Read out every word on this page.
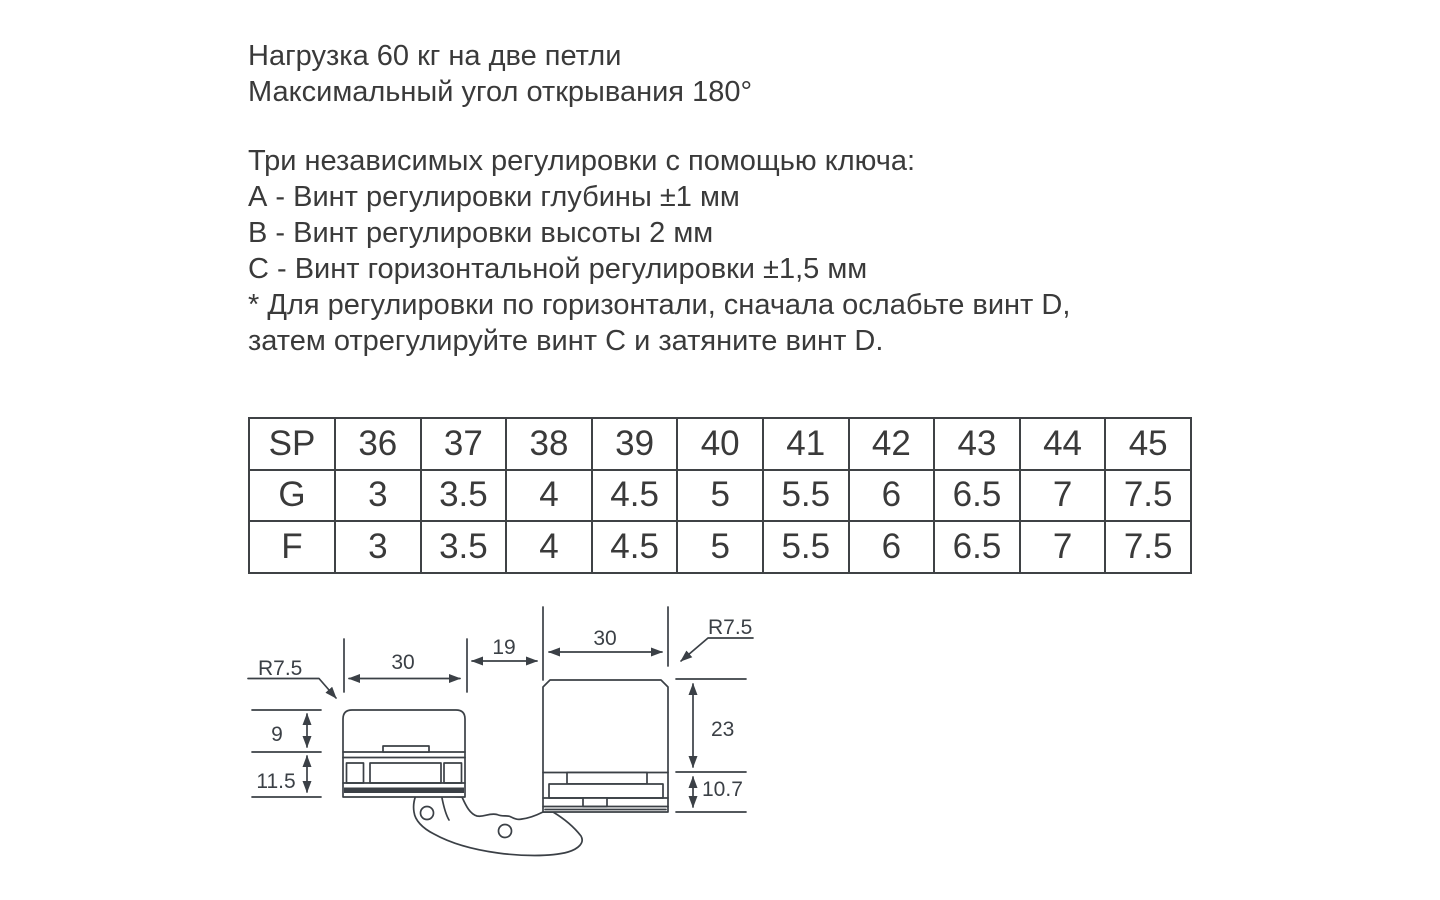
Нагрузка 60 кг на две петли
Максимальный угол открывания 180°
Три независимых регулировки с помощью ключа:
А - Винт регулировки глубины ±1 мм
В - Винт регулировки высоты 2 мм
С - Винт горизонтальной регулировки ±1,5 мм
* Для регулировки по горизонтали, сначала ослабьте винт D,
затем отрегулируйте винт С и затяните винт D.
SP	36	37	38	39	40	41	42	43	44	45
G	3	3.5	4	4.5	5	5.5	6	6.5	7	7.5
F	3	3.5	4	4.5	5	5.5	6	6.5	7	7.5
30
19	30
R7.5
R7.5
9
11.5
23
10.7
